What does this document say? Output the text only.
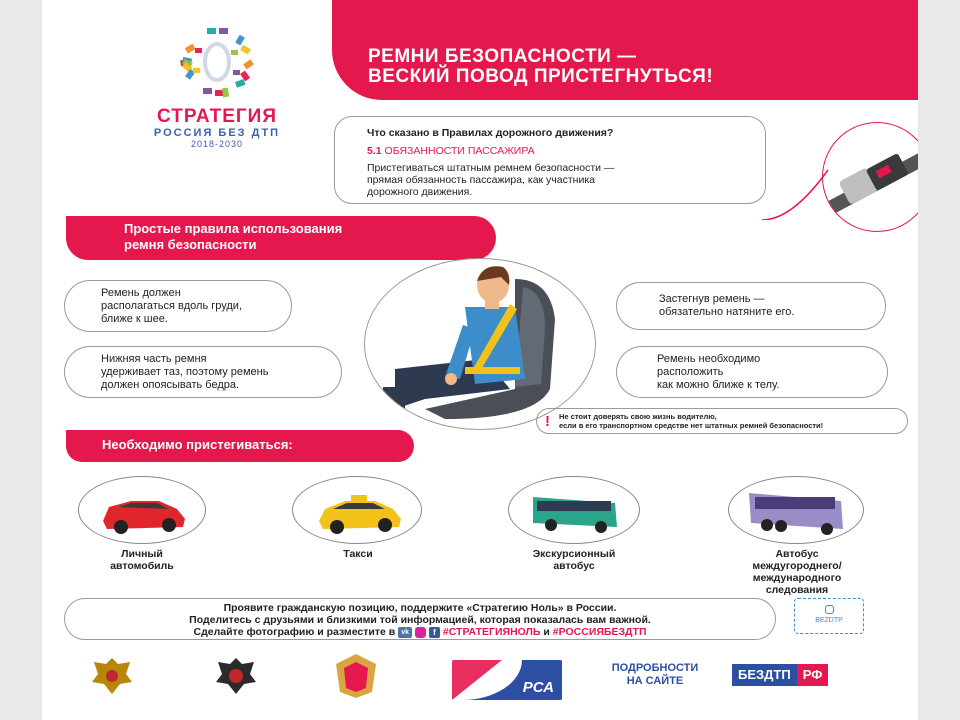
СТРАТЕГИЯ
РОССИЯ БЕЗ ДТП
2018-2030
РЕМНИ БЕЗОПАСНОСТИ —
ВЕСКИЙ ПОВОД ПРИСТЕГНУТЬСЯ!
Что сказано в Правилах дорожного движения?
5.1 ОБЯЗАННОСТИ ПАССАЖИРА
Пристегиваться штатным ремнем безопасности —
прямая обязанность пассажира, как участника
дорожного движения.
Простые правила использования
ремня безопасности
Ремень должен
располагаться вдоль груди,
ближе к шее.
Нижняя часть ремня
удерживает таз, поэтому ремень
должен опоясывать бедра.
Застегнув ремень —
обязательно натяните его.
Ремень необходимо
расположить
как можно ближе к телу.
!	Не стоит доверять свою жизнь водителю,
если в его транспортном средстве нет штатных ремней безопасности!
Необходимо пристегиваться:
Личный
автомобиль
Такси	Экскурсионный
автобус
Автобус
междугороднего/
международного
следования
Проявите гражданскую позицию, поддержите «Стратегию Ноль» в России.
Поделитесь с друзьями и близкими той информацией, которая показалась вам важной.
Сделайте фотографию и разместите в vk	f #СТРАТЕГИЯНОЛЬ и #РОССИЯБЕЗДТП
BEZDTP
РСА
ПОДРОБНОСТИ
НА САЙТЕ	БЕЗДТП РФ
